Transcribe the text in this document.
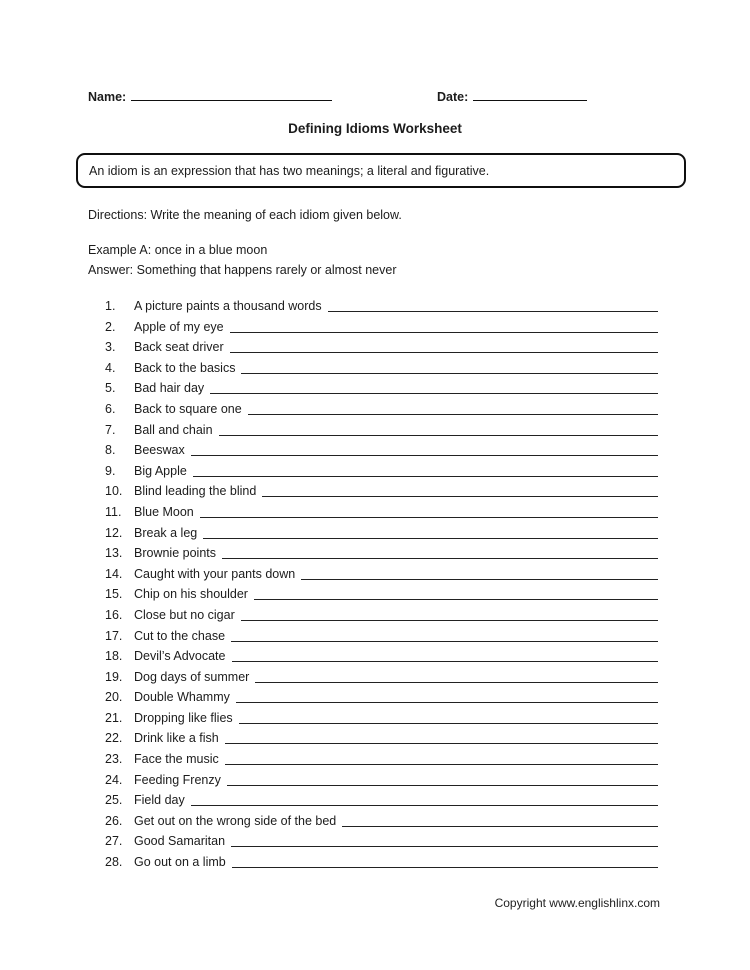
Name:	Date:
Defining Idioms Worksheet
An idiom is an expression that has two meanings; a literal and figurative.
Directions: Write the meaning of each idiom given below.
Example A: once in a blue moon
Answer: Something that happens rarely or almost never
1.	A picture paints a thousand words
2.	Apple of my eye
3.	Back seat driver
4.	Back to the basics
5.	Bad hair day
6.	Back to square one
7.	Ball and chain
8.	Beeswax
9.	Big Apple
10. Blind leading the blind
11.	Blue Moon
12. Break a leg
13. Brownie points
14. Caught with your pants down
15. Chip on his shoulder
16. Close but no cigar
17. Cut to the chase
18. Devil’s Advocate
19. Dog days of summer
20. Double Whammy
21. Dropping like flies
22. Drink like a fish
23. Face the music
24. Feeding Frenzy
25. Field day
26. Get out on the wrong side of the bed
27. Good Samaritan
28. Go out on a limb
Copyright www.englishlinx.com
